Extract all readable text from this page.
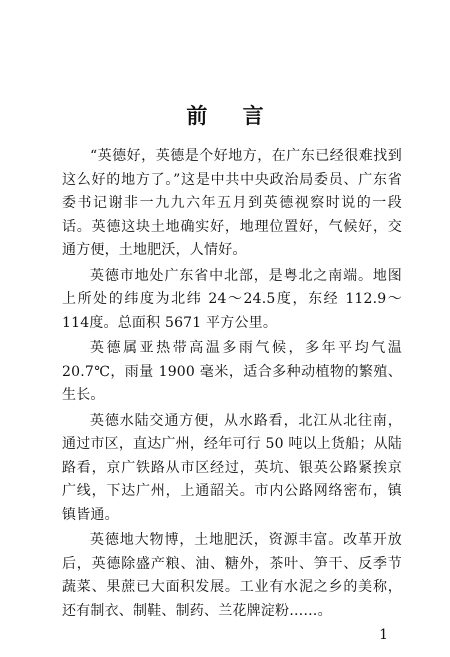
前 言

“英德好，英德是个好地方，在广东已经很难找到这么好的地方了。”这是中共中央政治局委员、广东省委书记谢非一九九六年五月到英德视察时说的一段话。英德这块土地确实好，地理位置好，气候好，交通方便，土地肥沃，人情好。

英德市地处广东省中北部，是粤北之南端。地图上所处的纬度为北纬 24～24.5度，东经 112.9～114度。总面积 5671 平方公里。

英德属亚热带高温多雨气候，多年平均气温 20.7℃，雨量 1900 毫米，适合多种动植物的繁殖、生长。

英德水陆交通方便，从水路看，北江从北往南，通过市区，直达广州，经年可行 50 吨以上货船；从陆路看，京广铁路从市区经过，英坑、银英公路紧挨京广线，下达广州，上通韶关。市内公路网络密布，镇镇皆通。

英德地大物博，土地肥沃，资源丰富。改革开放后，英德除盛产粮、油、糖外，茶叶、笋干、反季节蔬菜、果蔗已大面积发展。工业有水泥之乡的美称，还有制衣、制鞋、制药、兰花牌淀粉……。

1
